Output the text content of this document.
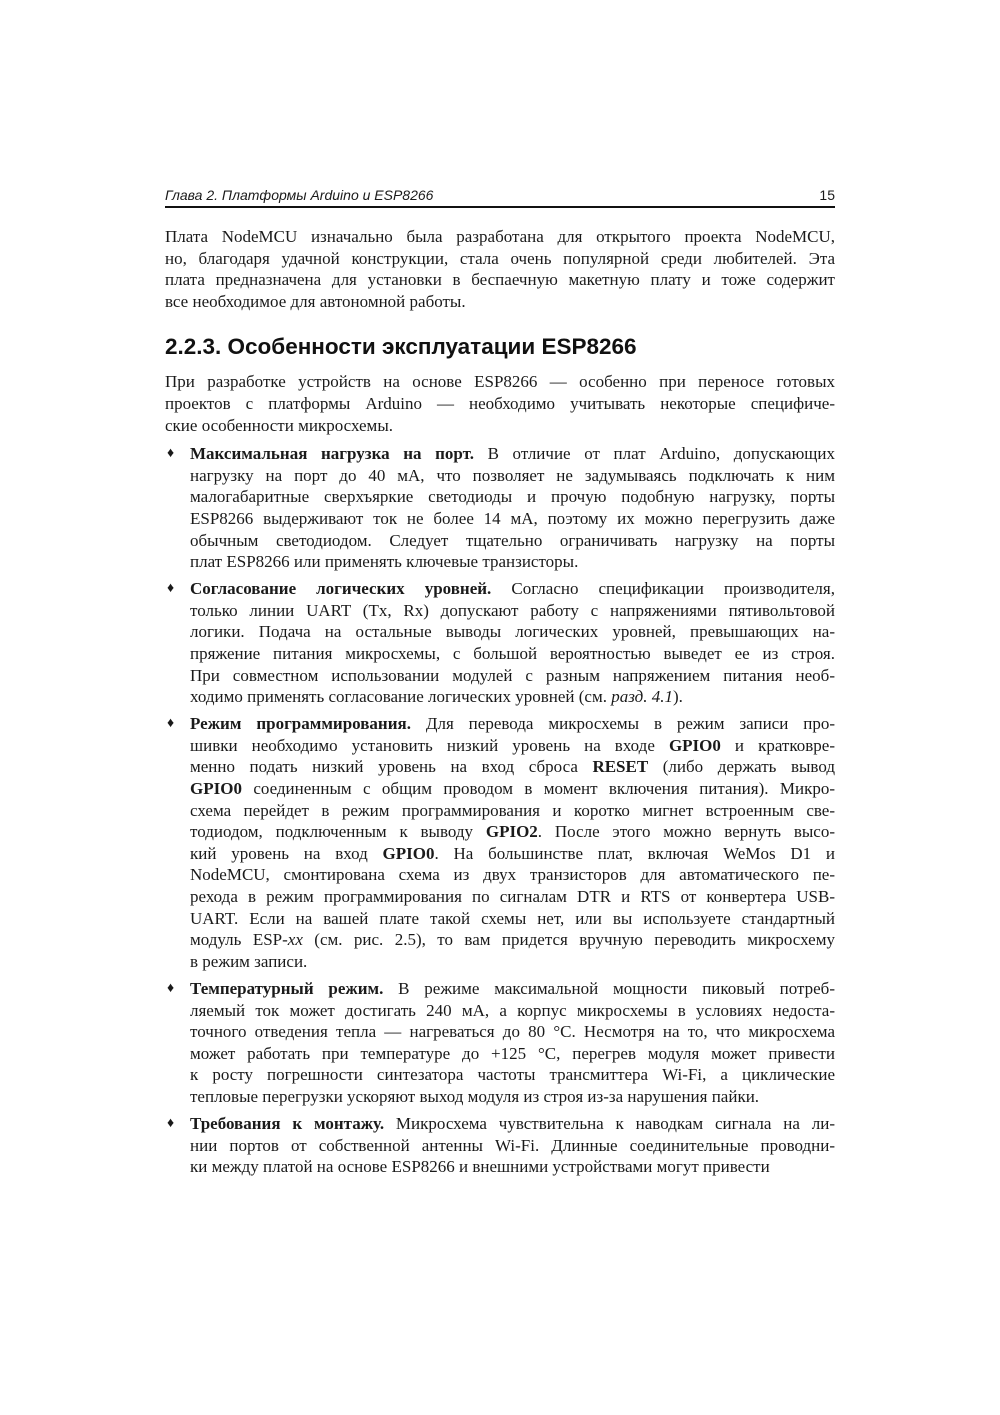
Глава 2. Платформы Arduino и ESP8266	15
Плата NodeMCU изначально была разработана для открытого проекта NodeMCU,
но, благодаря удачной конструкции, стала очень популярной среди любителей. Эта
плата предназначена для установки в беспаечную макетную плату и тоже содержит
все необходимое для автономной работы.
2.2.3. Особенности эксплуатации ESP8266
При разработке устройств на основе ESP8266 — особенно при переносе готовых
проектов с платформы Arduino — необходимо учитывать некоторые специфиче-
ские особенности микросхемы.
♦ Максимальная нагрузка на порт. В отличие от плат Arduino, допускающих
нагрузку на порт до 40 мА, что позволяет не задумываясь подключать к ним
малогабаритные сверхъяркие светодиоды и прочую подобную нагрузку, порты
ESP8266 выдерживают ток не более 14 мА, поэтому их можно перегрузить даже
обычным светодиодом. Следует тщательно ограничивать нагрузку на порты
плат ESP8266 или применять ключевые транзисторы.
♦ Согласование логических уровней. Согласно спецификации производителя,
только линии UART (Tx, Rx) допускают работу с напряжениями пятивольтовой
логики. Подача на остальные выводы логических уровней, превышающих на-
пряжение питания микросхемы, с большой вероятностью выведет ее из строя.
При совместном использовании модулей с разным напряжением питания необ-
ходимо применять согласование логических уровней (см. разд. 4.1).
♦ Режим программирования. Для перевода микросхемы в режим записи про-
шивки необходимо установить низкий уровень на входе GPIO0 и кратковре-
менно подать низкий уровень на вход сброса RESET (либо держать вывод
GPIO0 соединенным с общим проводом в момент включения питания). Микро-
схема перейдет в режим программирования и коротко мигнет встроенным све-
тодиодом, подключенным к выводу GPIO2. После этого можно вернуть высо-
кий уровень на вход GPIO0. На большинстве плат, включая WeMos D1 и
NodeMCU, смонтирована схема из двух транзисторов для автоматического пе-
рехода в режим программирования по сигналам DTR и RTS от конвертера USB-
UART. Если на вашей плате такой схемы нет, или вы используете стандартный
модуль ESP-xx (см. рис. 2.5), то вам придется вручную переводить микросхему
в режим записи.
♦ Температурный режим. В режиме максимальной мощности пиковый потреб-
ляемый ток может достигать 240 мА, а корпус микросхемы в условиях недоста-
точного отведения тепла — нагреваться до 80 °С. Несмотря на то, что микросхема
может работать при температуре до +125 °С, перегрев модуля может привести
к росту погрешности синтезатора частоты трансмиттера Wi-Fi, а циклические
тепловые перегрузки ускоряют выход модуля из строя из-за нарушения пайки.
♦ Требования к монтажу. Микросхема чувствительна к наводкам сигнала на ли-
нии портов от собственной антенны Wi-Fi. Длинные соединительные проводни-
ки между платой на основе ESP8266 и внешними устройствами могут привести
